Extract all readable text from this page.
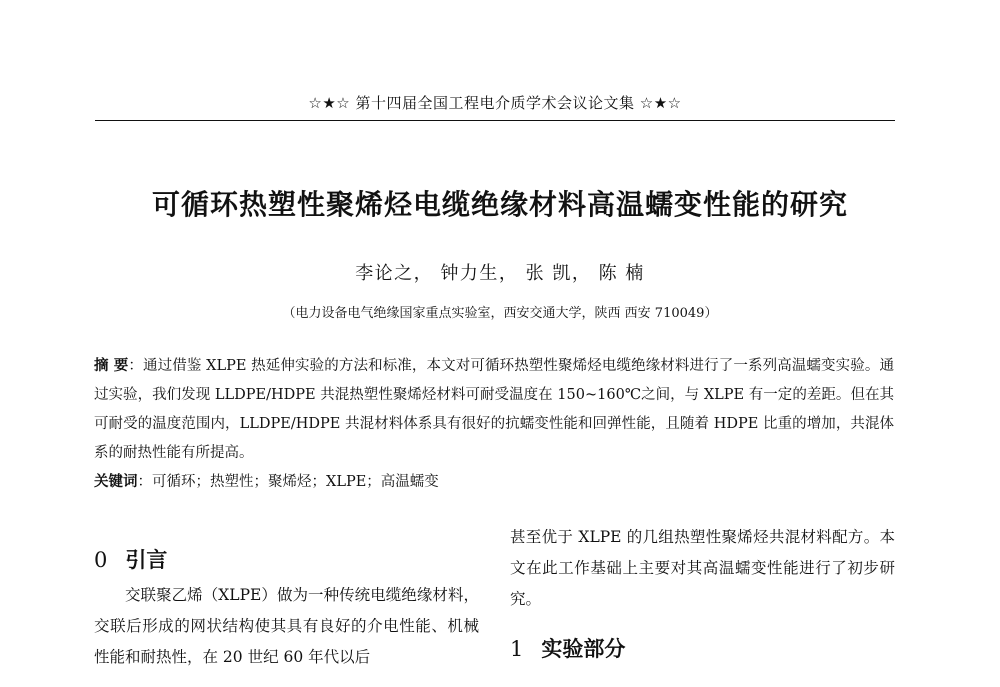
☆★☆ 第十四届全国工程电介质学术会议论文集 ☆★☆
可循环热塑性聚烯烃电缆绝缘材料高温蠕变性能的研究
李论之， 钟力生， 张 凯， 陈 楠
（电力设备电气绝缘国家重点实验室，西安交通大学，陕西 西安 710049）
摘 要：通过借鉴 XLPE 热延伸实验的方法和标准，本文对可循环热塑性聚烯烃电缆绝缘材料进行了一系列高温蠕变实验。通过实验，我们发现 LLDPE/HDPE 共混热塑性聚烯烃材料可耐受温度在 150~160℃之间，与 XLPE 有一定的差距。但在其可耐受的温度范围内，LLDPE/HDPE 共混材料体系具有很好的抗蠕变性能和回弹性能，且随着 HDPE 比重的增加，共混体系的耐热性能有所提高。
关键词：可循环；热塑性；聚烯烃；XLPE；高温蠕变
0 引言

交联聚乙烯（XLPE）做为一种传统电缆绝缘材料，交联后形成的网状结构使其具有良好的介电性能、机械性能和耐热性，在 20 世纪 60 年代以后

甚至优于 XLPE 的几组热塑性聚烯烃共混材料配方。本文在此工作基础上主要对其高温蠕变性能进行了初步研究。

1 实验部分
